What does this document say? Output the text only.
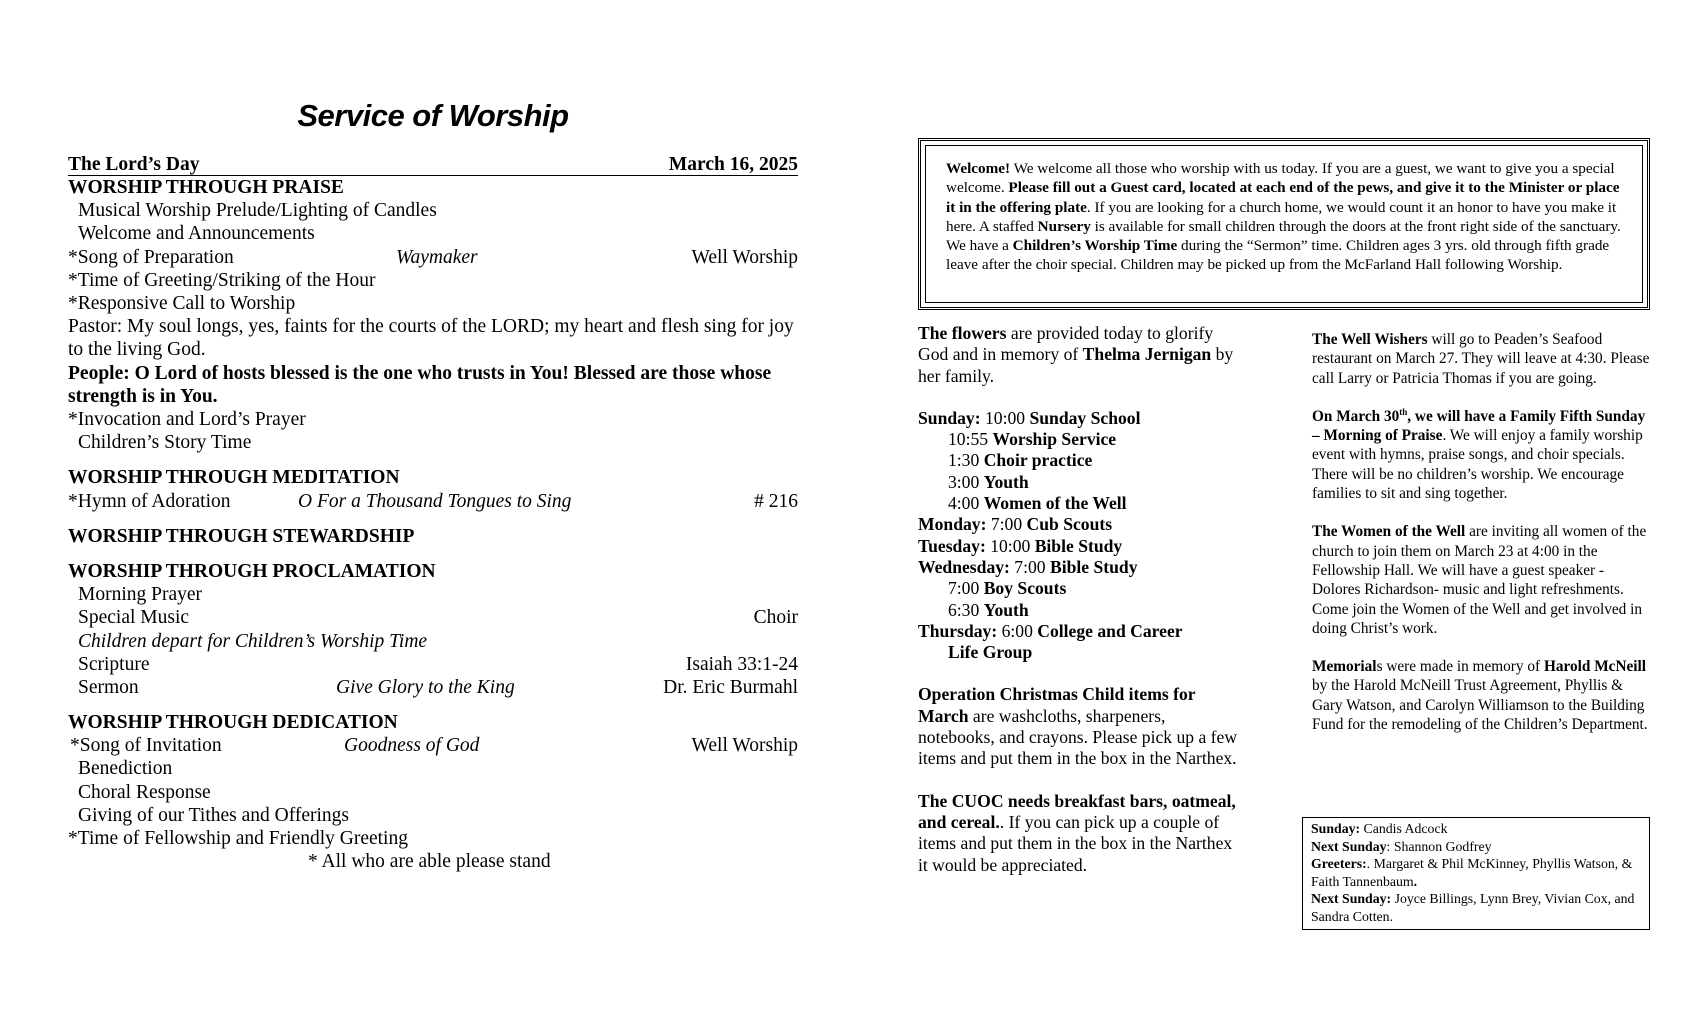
Service of Worship
The Lord’s Day	March 16, 2025
WORSHIP THROUGH PRAISE
Musical Worship Prelude/Lighting of Candles
Welcome and Announcements
*Song of Preparation	Waymaker	Well Worship
*Time of Greeting/Striking of the Hour
*Responsive Call to Worship
Pastor: My soul longs, yes, faints for the courts of the LORD; my heart and flesh sing for joy to the living God.
People: O Lord of hosts blessed is the one who trusts in You! Blessed are those whose strength is in You.
*Invocation and Lord’s Prayer
Children’s Story Time
WORSHIP THROUGH MEDITATION
*Hymn of Adoration	O For a Thousand Tongues to Sing	# 216
WORSHIP THROUGH STEWARDSHIP
WORSHIP THROUGH PROCLAMATION
Morning Prayer
Special Music	Choir
Children depart for Children’s Worship Time
Scripture	Isaiah 33:1-24
Sermon	Give Glory to the King	Dr. Eric Burmahl
WORSHIP THROUGH DEDICATION
*Song of Invitation	Goodness of God	Well Worship
Benediction
Choral Response
Giving of our Tithes and Offerings
*Time of Fellowship and Friendly Greeting
* All who are able please stand
Welcome! We welcome all those who worship with us today. If you are a guest, we want to give you a special welcome. Please fill out a Guest card, located at each end of the pews, and give it to the Minister or place it in the offering plate. If you are looking for a church home, we would count it an honor to have you make it here. A staffed Nursery is available for small children through the doors at the front right side of the sanctuary. We have a Children’s Worship Time during the “Sermon” time. Children ages 3 yrs. old through fifth grade leave after the choir special. Children may be picked up from the McFarland Hall following Worship.

The flowers are provided today to glorify God and in memory of Thelma Jernigan by her family.

Sunday: 10:00 Sunday School
10:55 Worship Service
1:30 Choir practice
3:00 Youth
4:00 Women of the Well
Monday: 7:00 Cub Scouts
Tuesday: 10:00 Bible Study
Wednesday: 7:00 Bible Study
7:00 Boy Scouts
6:30 Youth
Thursday: 6:00 College and Career
Life Group

Operation Christmas Child items for March are washcloths, sharpeners, notebooks, and crayons. Please pick up a few items and put them in the box in the Narthex.

The CUOC needs breakfast bars, oatmeal, and cereal.. If you can pick up a couple of items and put them in the box in the Narthex it would be appreciated.

The Well Wishers will go to Peaden’s Seafood restaurant on March 27. They will leave at 4:30. Please call Larry or Patricia Thomas if you are going.

On March 30th, we will have a Family Fifth Sunday – Morning of Praise. We will enjoy a family worship event with hymns, praise songs, and choir specials. There will be no children’s worship. We encourage families to sit and sing together.

The Women of the Well are inviting all women of the church to join them on March 23 at 4:00 in the Fellowship Hall. We will have a guest speaker -Dolores Richardson- music and light refreshments. Come join the Women of the Well and get involved in doing Christ’s work.

Memorials were made in memory of Harold McNeill by the Harold McNeill Trust Agreement, Phyllis & Gary Watson, and Carolyn Williamson to the Building Fund for the remodeling of the Children’s Department.

Sunday: Candis Adcock
Next Sunday: Shannon Godfrey
Greeters:. Margaret & Phil McKinney, Phyllis Watson, & Faith Tannenbaum.
Next Sunday: Joyce Billings, Lynn Brey, Vivian Cox, and Sandra Cotten.
